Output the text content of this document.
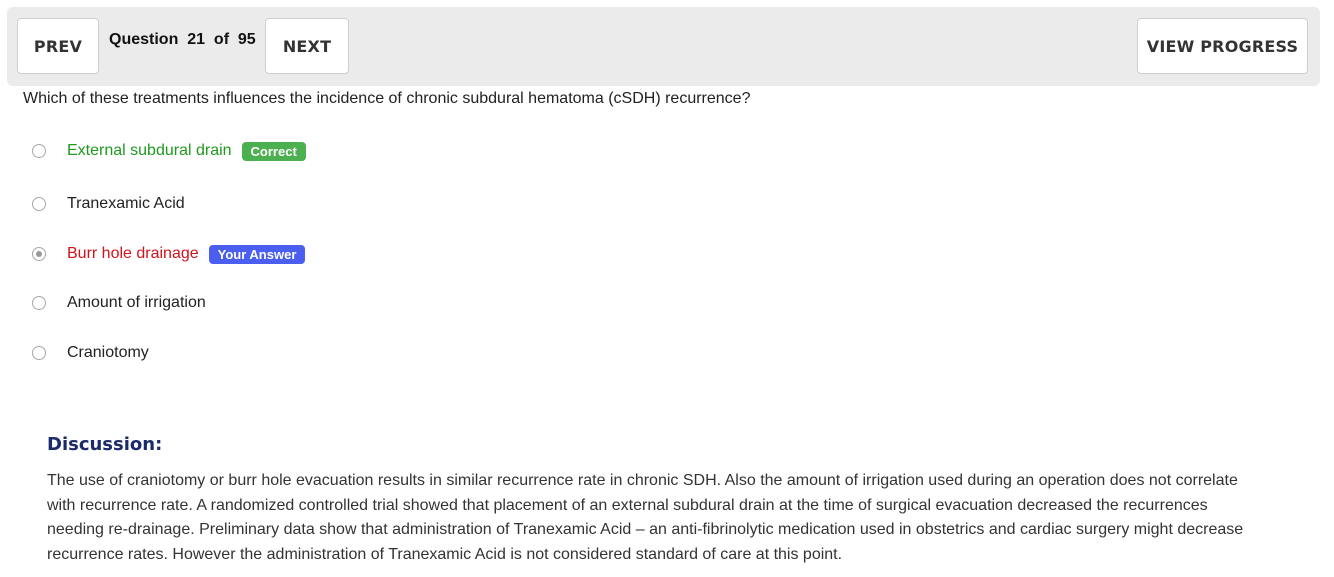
PREV	Question  21  of  95	NEXT	VIEW PROGRESS
Which of these treatments influences the incidence of chronic subdural hematoma (cSDH) recurrence?
External subdural drain	Correct
Tranexamic Acid
Burr hole drainage	Your Answer
Amount of irrigation
Craniotomy
Discussion:
The use of craniotomy or burr hole evacuation results in similar recurrence rate in chronic SDH. Also the amount of irrigation used during an operation does not correlate with recurrence rate. A randomized controlled trial showed that placement of an external subdural drain at the time of surgical evacuation decreased the recurrences needing re-drainage. Preliminary data show that administration of Tranexamic Acid – an anti-fibrinolytic medication used in obstetrics and cardiac surgery might decrease recurrence rates. However the administration of Tranexamic Acid is not considered standard of care at this point.
